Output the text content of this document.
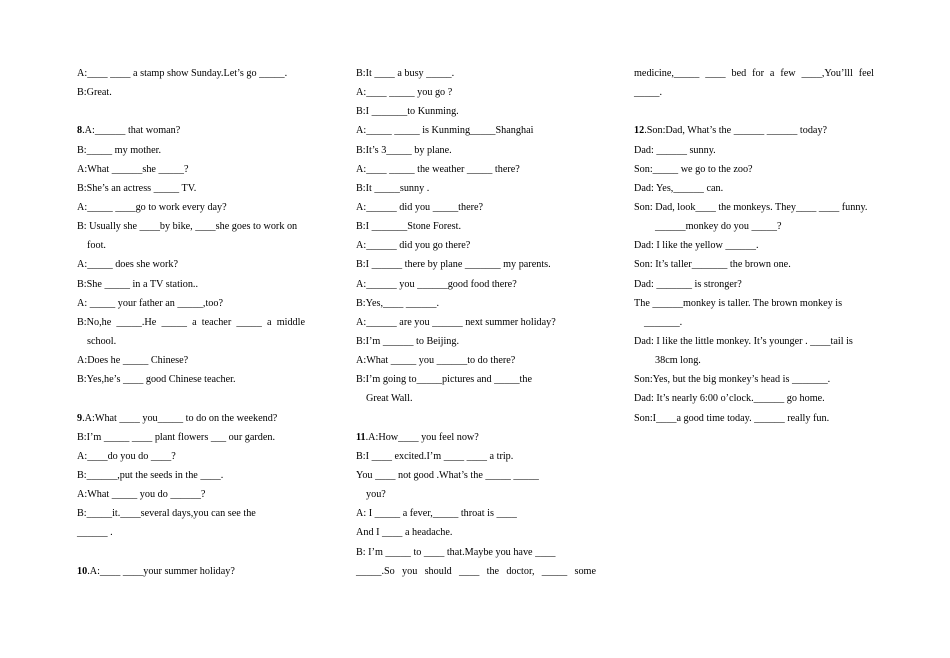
A:____ ____ a stamp show Sunday.Let’s go _____.
B:Great.
8.A:______ that woman?
B:_____ my mother.
A:What ______she _____?
B:She’s an actress _____ TV.
A:_____ ____go to work every day?
B: Usually she ____by bike, ____she goes to work on
foot.
A:_____ does she work?
B:She _____ in a TV station..
A: _____ your father an _____,too?
B:No,he _____.He _____ a teacher _____ a middle
school.
A:Does he _____ Chinese?
B:Yes,he’s ____ good Chinese teacher.
9.A:What ____ you_____ to do on the weekend?
B:I’m _____ ____ plant flowers ___ our garden.
A:____do you do ____?
B:______,put the seeds in the ____.
A:What _____ you do ______?
B:_____it.____several days,you can see the
______ .
10.A:____ ____your summer holiday?
B:It ____ a busy _____.
A:____ _____ you go ?
B:I _______to Kunming.
A:_____ _____ is Kunming_____Shanghai
B:It’s 3_____ by plane.
A:____ _____ the weather _____ there?
B:It _____sunny .
A:______ did you _____there?
B:I _______Stone Forest.
A:______ did you go there?
B:I ______ there by plane _______ my parents.
A:______ you ______good food there?
B:Yes,____ ______.
A:______ are you ______ next summer holiday?
B:I’m ______ to Beijing.
A:What _____ you ______to do there?
B:I’m going to_____pictures and _____the
Great Wall.
11.A:How____ you feel now?
B:I ____ excited.I’m ____ ____ a trip.
You ____ not good .What’s the _____ _____
you?
A: I _____ a fever,_____ throat is ____
And I ____ a headache.
B: I’m _____ to ____ that.Maybe you have ____
_____.So you should ____ the doctor, _____ some
medicine,_____ ____ bed for a few ____,You’lll feel
_____.
12.Son:Dad, What’s the ______ ______ today?
Dad: ______ sunny.
Son:_____ we go to the zoo?
Dad: Yes,______ can.
Son: Dad, look____ the monkeys. They____ ____ funny.
______monkey do you _____?
Dad: I like the yellow ______.
Son: It’s taller_______ the brown one.
Dad: _______ is stronger?
The ______monkey is taller. The brown monkey is
_______.
Dad: I like the little monkey. It’s younger . ____tail is
38cm long.
Son:Yes, but the big monkey’s head is _______.
Dad: It’s nearly 6:00 o’clock.______ go home.
Son:I____a good time today. ______ really fun.
